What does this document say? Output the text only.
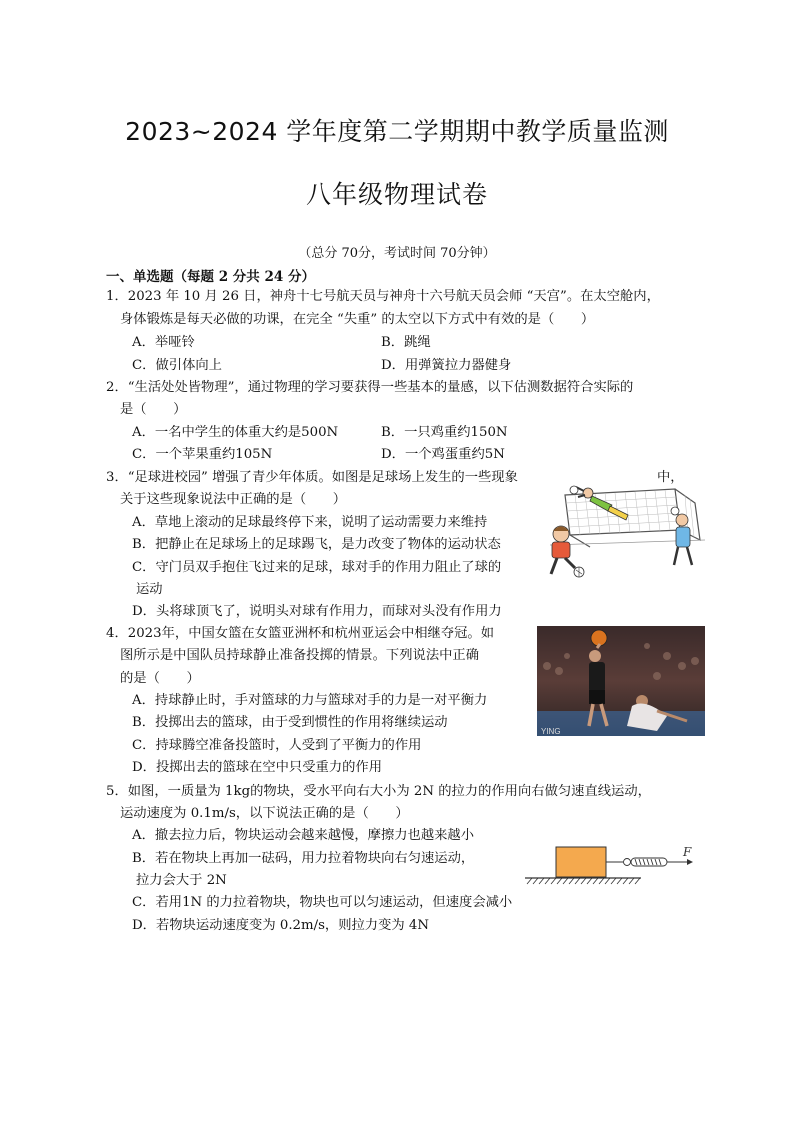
2023~2024 学年度第二学期期中教学质量监测
八年级物理试卷
（总分 70分，考试时间 70分钟）
一、单选题（每题 2 分共 24 分）
1．2023 年 10 月 26 日，神舟十七号航天员与神舟十六号航天员会师 “天宫”。在太空舱内，
身体锻炼是每天必做的功课，在完全 “失重” 的太空以下方式中有效的是（　　）
A．举哑铃	B．跳绳
C．做引体向上	D．用弹簧拉力器健身
2．“生活处处皆物理”，通过物理的学习要获得一些基本的量感，以下估测数据符合实际的
是（　　）
A．一名中学生的体重大约是500N	B．一只鸡重约150N
C．一个苹果重约105N	D．一个鸡蛋重约5N
3．“足球进校园” 增强了青少年体质。如图是足球场上发生的一些现象	中，
关于这些现象说法中正确的是（　　）
A．草地上滚动的足球最终停下来，说明了运动需要力来维持
B．把静止在足球场上的足球踢飞，是力改变了物体的运动状态
C．守门员双手抱住飞过来的足球，球对手的作用力阻止了球的
运动
D．头将球顶飞了，说明头对球有作用力，而球对头没有作用力
4．2023年，中国女篮在女篮亚洲杯和杭州亚运会中相继夺冠。如
图所示是中国队员持球静止准备投掷的情景。下列说法中正确
的是（　　）
A．持球静止时，手对篮球的力与篮球对手的力是一对平衡力
B．投掷出去的篮球，由于受到惯性的作用将继续运动
C．持球腾空准备投篮时，人受到了平衡力的作用
D．投掷出去的篮球在空中只受重力的作用
YING
5．如图，一质量为 1kg的物块，受水平向右大小为 2N 的拉力的作用向右做匀速直线运动，
运动速度为 0.1m/s，以下说法正确的是（　　）
A．撤去拉力后，物块运动会越来越慢，摩擦力也越来越小
B．若在物块上再加一砝码，用力拉着物块向右匀速运动，
拉力会大于 2N
C．若用1N 的力拉着物块，物块也可以匀速运动，但速度会减小
D．若物块运动速度变为 0.2m/s，则拉力变为 4N
F
